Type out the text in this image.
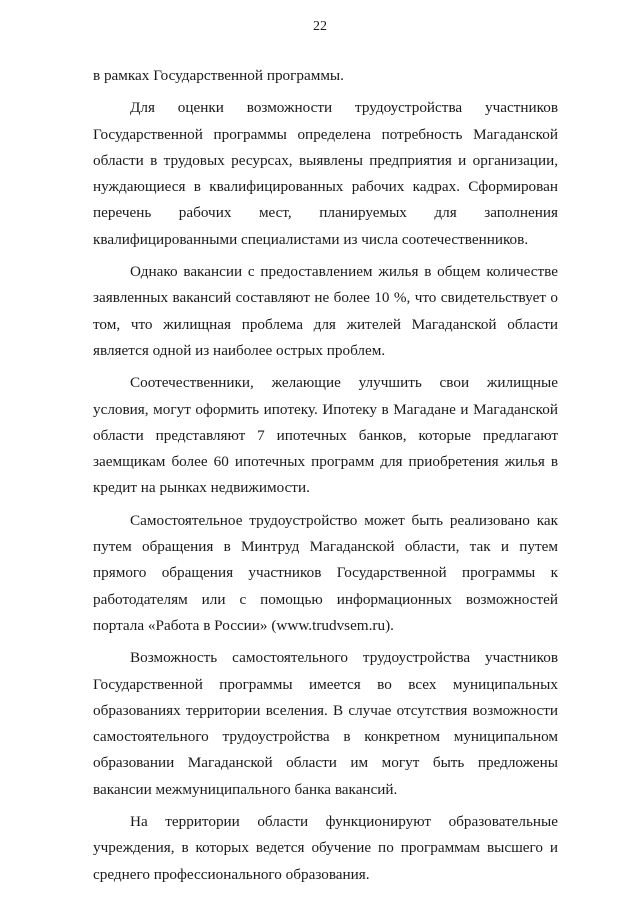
22

в рамках Государственной программы.

Для оценки возможности трудоустройства участников Государственной программы определена потребность Магаданской области в трудовых ресурсах, выявлены предприятия и организации, нуждающиеся в квалифицированных рабочих кадрах. Сформирован перечень рабочих мест, планируемых для заполнения квалифицированными специалистами из числа соотечественников.

Однако вакансии с предоставлением жилья в общем количестве заявленных вакансий составляют не более 10 %, что свидетельствует о том, что жилищная проблема для жителей Магаданской области является одной из наиболее острых проблем.

Соотечественники, желающие улучшить свои жилищные условия, могут оформить ипотеку. Ипотеку в Магадане и Магаданской области представляют 7 ипотечных банков, которые предлагают заемщикам более 60 ипотечных программ для приобретения жилья в кредит на рынках недвижимости.

Самостоятельное трудоустройство может быть реализовано как путем обращения в Минтруд Магаданской области, так и путем прямого обращения участников Государственной программы к работодателям или с помощью информационных возможностей портала «Работа в России» (www.trudvsem.ru).

Возможность самостоятельного трудоустройства участников Государственной программы имеется во всех муниципальных образованиях территории вселения. В случае отсутствия возможности самостоятельного трудоустройства в конкретном муниципальном образовании Магаданской области им могут быть предложены вакансии межмуниципального банка вакансий.

На территории области функционируют образовательные учреждения, в которых ведется обучение по программам высшего и среднего профессионального образования.
